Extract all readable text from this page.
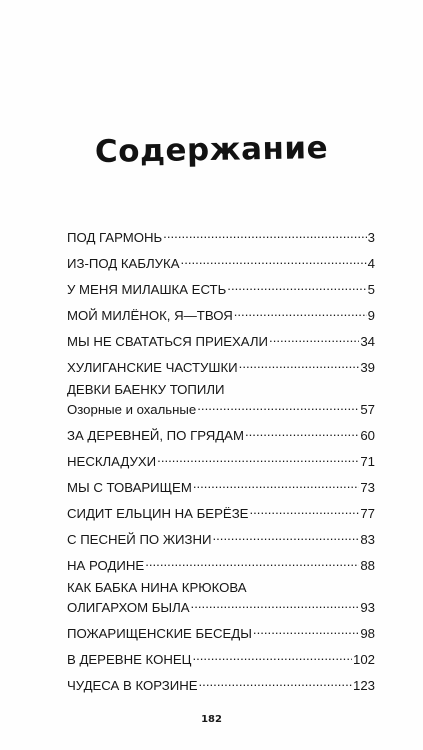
Содержание
ПОД ГАРМОНЬ .....	3
ИЗ-ПОД КАБЛУКА .....	4
У МЕНЯ МИЛАШКА ЕСТЬ .....	5
МОЙ МИЛЁНОК, Я—ТВОЯ .....	9
МЫ НЕ СВАТАТЬСЯ ПРИЕХАЛИ .....	34
ХУЛИГАНСКИЕ ЧАСТУШКИ .....	39
ДЕВКИ БАЕНКУ ТОПИЛИ
Озорные и охальные .....	57
ЗА ДЕРЕВНЕЙ, ПО ГРЯДАМ .....	60
НЕСКЛАДУХИ .....	71
МЫ С ТОВАРИЩЕМ .....	73
СИДИТ ЕЛЬЦИН НА БЕРЁЗЕ .....	77
С ПЕСНЕЙ ПО ЖИЗНИ .....	83
НА РОДИНЕ .....	88
КАК БАБКА НИНА КРЮКОВА
ОЛИГАРХОМ БЫЛА .....	93
ПОЖАРИЩЕНСКИЕ БЕСЕДЫ .....	98
В ДЕРЕВНЕ КОНЕЦ .....	102
ЧУДЕСА В КОРЗИНЕ .....	123
182
